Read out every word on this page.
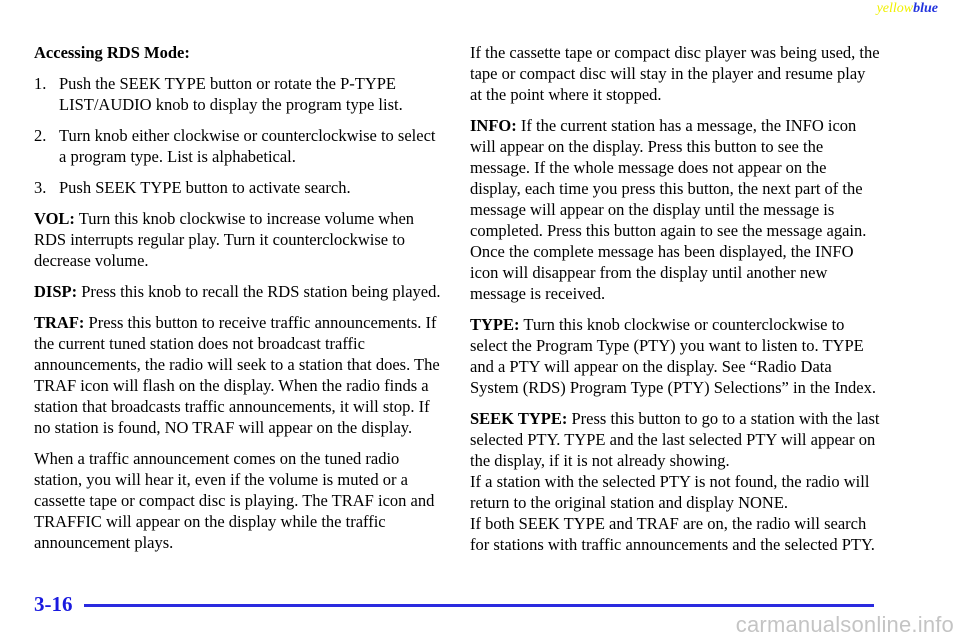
yellowblue
Accessing RDS Mode:
1. Push the SEEK TYPE button or rotate the P-TYPE LIST/AUDIO knob to display the program type list.
2. Turn knob either clockwise or counterclockwise to select a program type. List is alphabetical.
3. Push SEEK TYPE button to activate search.

VOL: Turn this knob clockwise to increase volume when RDS interrupts regular play. Turn it counterclockwise to decrease volume.

DISP: Press this knob to recall the RDS station being played.

TRAF: Press this button to receive traffic announcements. If the current tuned station does not broadcast traffic announcements, the radio will seek to a station that does. The TRAF icon will flash on the display. When the radio finds a station that broadcasts traffic announcements, it will stop. If no station is found, NO TRAF will appear on the display.

When a traffic announcement comes on the tuned radio station, you will hear it, even if the volume is muted or a cassette tape or compact disc is playing. The TRAF icon and TRAFFIC will appear on the display while the traffic announcement plays.

If the cassette tape or compact disc player was being used, the tape or compact disc will stay in the player and resume play at the point where it stopped.

INFO: If the current station has a message, the INFO icon will appear on the display. Press this button to see the message. If the whole message does not appear on the display, each time you press this button, the next part of the message will appear on the display until the message is completed. Press this button again to see the message again. Once the complete message has been displayed, the INFO icon will disappear from the display until another new message is received.

TYPE: Turn this knob clockwise or counterclockwise to select the Program Type (PTY) you want to listen to. TYPE and a PTY will appear on the display. See “Radio Data System (RDS) Program Type (PTY) Selections” in the Index.

SEEK TYPE: Press this button to go to a station with the last selected PTY. TYPE and the last selected PTY will appear on the display, if it is not already showing.

If a station with the selected PTY is not found, the radio will return to the original station and display NONE.

If both SEEK TYPE and TRAF are on, the radio will search for stations with traffic announcements and the selected PTY.

3-16
carmanualsonline.info
